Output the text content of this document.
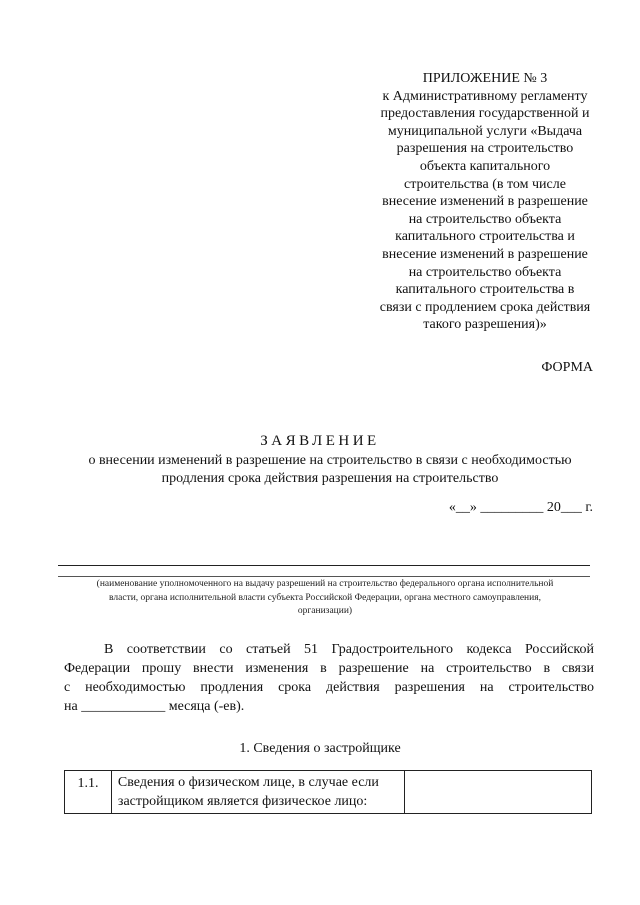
ПРИЛОЖЕНИЕ № 3
к Административному регламенту
предоставления государственной и
муниципальной услуги «Выдача
разрешения на строительство
объекта капитального
строительства (в том числе
внесение изменений в разрешение
на строительство объекта
капитального строительства и
внесение изменений в разрешение
на строительство объекта
капитального строительства в
связи с продлением срока действия
такого разрешения)»
ФОРМА
ЗАЯВЛЕНИЕ
о внесении изменений в разрешение на строительство в связи с необходимостью
продления срока действия разрешения на строительство
«__» _________ 20___ г.
(наименование уполномоченного на выдачу разрешений на строительство федерального органа исполнительной
власти, органа исполнительной власти субъекта Российской Федерации, органа местного самоуправления,
организации)
В соответствии со статьей 51 Градостроительного кодекса Российской
Федерации прошу внести изменения в разрешение на строительство в связи
с необходимостью продления срока действия разрешения на строительство
на ____________ месяца (-ев).
1. Сведения о застройщике
1.1.	Сведения о физическом лице, в случае если
застройщиком является физическое лицо:
